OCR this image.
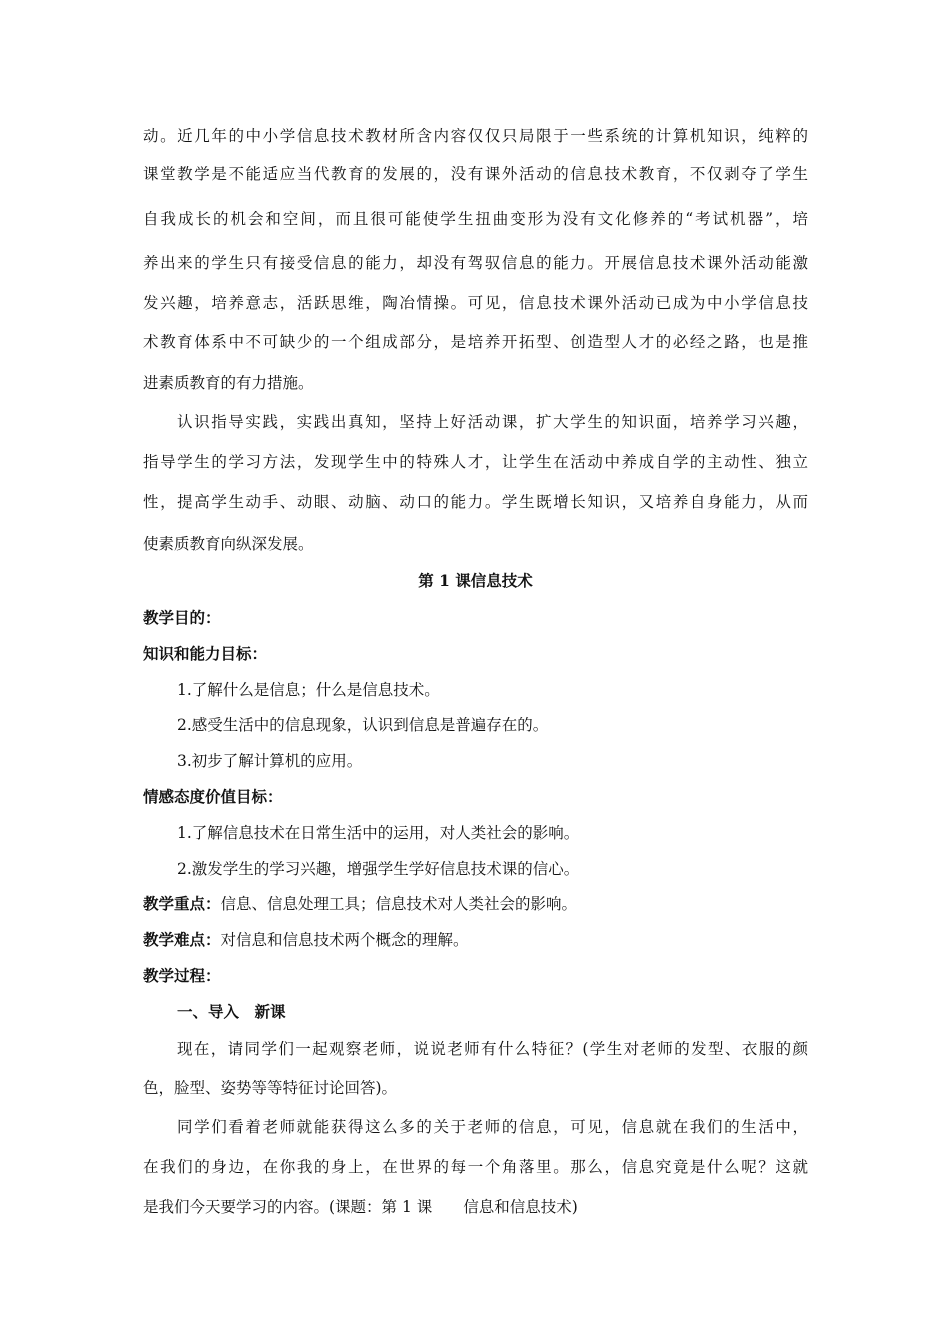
动。近几年的中小学信息技术教材所含内容仅仅只局限于一些系统的计算机知识，纯粹的
课堂教学是不能适应当代教育的发展的，没有课外活动的信息技术教育，不仅剥夺了学生
自我成长的机会和空间，而且很可能使学生扭曲变形为没有文化修养的“考试机器”，培
养出来的学生只有接受信息的能力，却没有驾驭信息的能力。开展信息技术课外活动能激
发兴趣，培养意志，活跃思维，陶冶情操。可见，信息技术课外活动已成为中小学信息技
术教育体系中不可缺少的一个组成部分，是培养开拓型、创造型人才的必经之路，也是推
进素质教育的有力措施。
认识指导实践，实践出真知，坚持上好活动课，扩大学生的知识面，培养学习兴趣，
指导学生的学习方法，发现学生中的特殊人才，让学生在活动中养成自学的主动性、独立
性，提高学生动手、动眼、动脑、动口的能力。学生既增长知识，又培养自身能力，从而
使素质教育向纵深发展。
第 1 课信息技术
教学目的：
知识和能力目标：
1.了解什么是信息；什么是信息技术。
2.感受生活中的信息现象，认识到信息是普遍存在的。
3.初步了解计算机的应用。
情感态度价值目标：
1.了解信息技术在日常生活中的运用，对人类社会的影响。
2.激发学生的学习兴趣，增强学生学好信息技术课的信心。
教学重点：信息、信息处理工具；信息技术对人类社会的影响。
教学难点：对信息和信息技术两个概念的理解。
教学过程：
一、导入　新课
现在，请同学们一起观察老师，说说老师有什么特征？(学生对老师的发型、衣服的颜
色，脸型、姿势等等特征讨论回答)。
同学们看着老师就能获得这么多的关于老师的信息，可见，信息就在我们的生活中，
在我们的身边，在你我的身上，在世界的每一个角落里。那么，信息究竟是什么呢？这就
是我们今天要学习的内容。(课题：第 1 课　　信息和信息技术)
